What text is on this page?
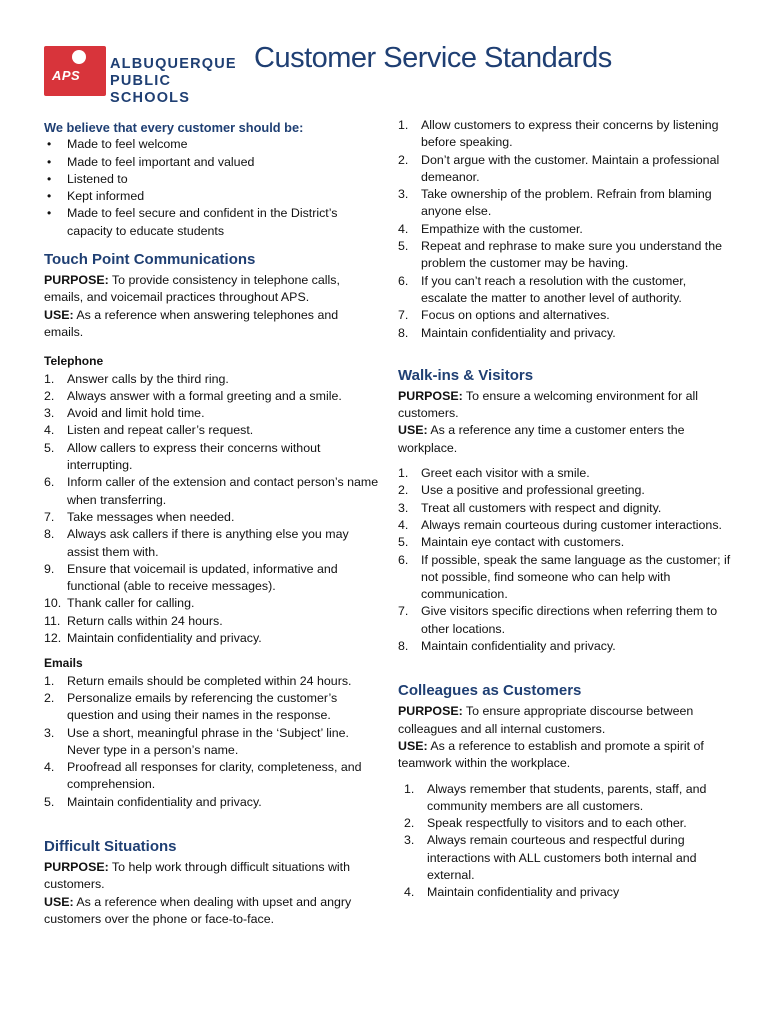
APS
ALBUQUERQUE
PUBLIC SCHOOLS
Customer Service Standards
We believe that every customer should be:
• Made to feel welcome
• Made to feel important and valued
• Listened to
• Kept informed
• Made to feel secure and confident in the District’s capacity to educate students
Touch Point Communications

PURPOSE: To provide consistency in telephone calls, emails, and voicemail practices throughout APS.

USE: As a reference when answering telephones and emails.

Telephone
1. Answer calls by the third ring.
2. Always answer with a formal greeting and a smile.
3. Avoid and limit hold time.
4. Listen and repeat caller’s request.
5. Allow callers to express their concerns without interrupting.
6. Inform caller of the extension and contact person’s name when transferring.
7. Take messages when needed.
8. Always ask callers if there is anything else you may assist them with.
9. Ensure that voicemail is updated, informative and functional (able to receive messages).
10. Thank caller for calling.
11. Return calls within 24 hours.
12. Maintain confidentiality and privacy.
Emails
1. Return emails should be completed within 24 hours.
2. Personalize emails by referencing the customer’s question and using their names in the response.
3. Use a short, meaningful phrase in the ‘Subject’ line. Never type in a person’s name.
4. Proofread all responses for clarity, completeness, and comprehension.
5. Maintain confidentiality and privacy.
Difficult Situations

PURPOSE: To help work through difficult situations with customers.

USE: As a reference when dealing with upset and angry customers over the phone or face-to-face.

1. Allow customers to express their concerns by listening before speaking.
2. Don’t argue with the customer. Maintain a professional demeanor.
3. Take ownership of the problem. Refrain from blaming anyone else.
4. Empathize with the customer.
5. Repeat and rephrase to make sure you understand the problem the customer may be having.
6. If you can’t reach a resolution with the customer, escalate the matter to another level of authority.
7. Focus on options and alternatives.
8. Maintain confidentiality and privacy.
Walk-ins & Visitors

PURPOSE: To ensure a welcoming environment for all customers.

USE: As a reference any time a customer enters the workplace.

1. Greet each visitor with a smile.
2. Use a positive and professional greeting.
3. Treat all customers with respect and dignity.
4. Always remain courteous during customer interactions.
5. Maintain eye contact with customers.
6. If possible, speak the same language as the customer; if not possible, find someone who can help with communication.
7. Give visitors specific directions when referring them to other locations.
8. Maintain confidentiality and privacy.
Colleagues as Customers

PURPOSE: To ensure appropriate discourse between colleagues and all internal customers.

USE: As a reference to establish and promote a spirit of teamwork within the workplace.

1. Always remember that students, parents, staff, and community members are all customers.
2. Speak respectfully to visitors and to each other.
3. Always remain courteous and respectful during interactions with ALL customers both internal and external.
4. Maintain confidentiality and privacy
